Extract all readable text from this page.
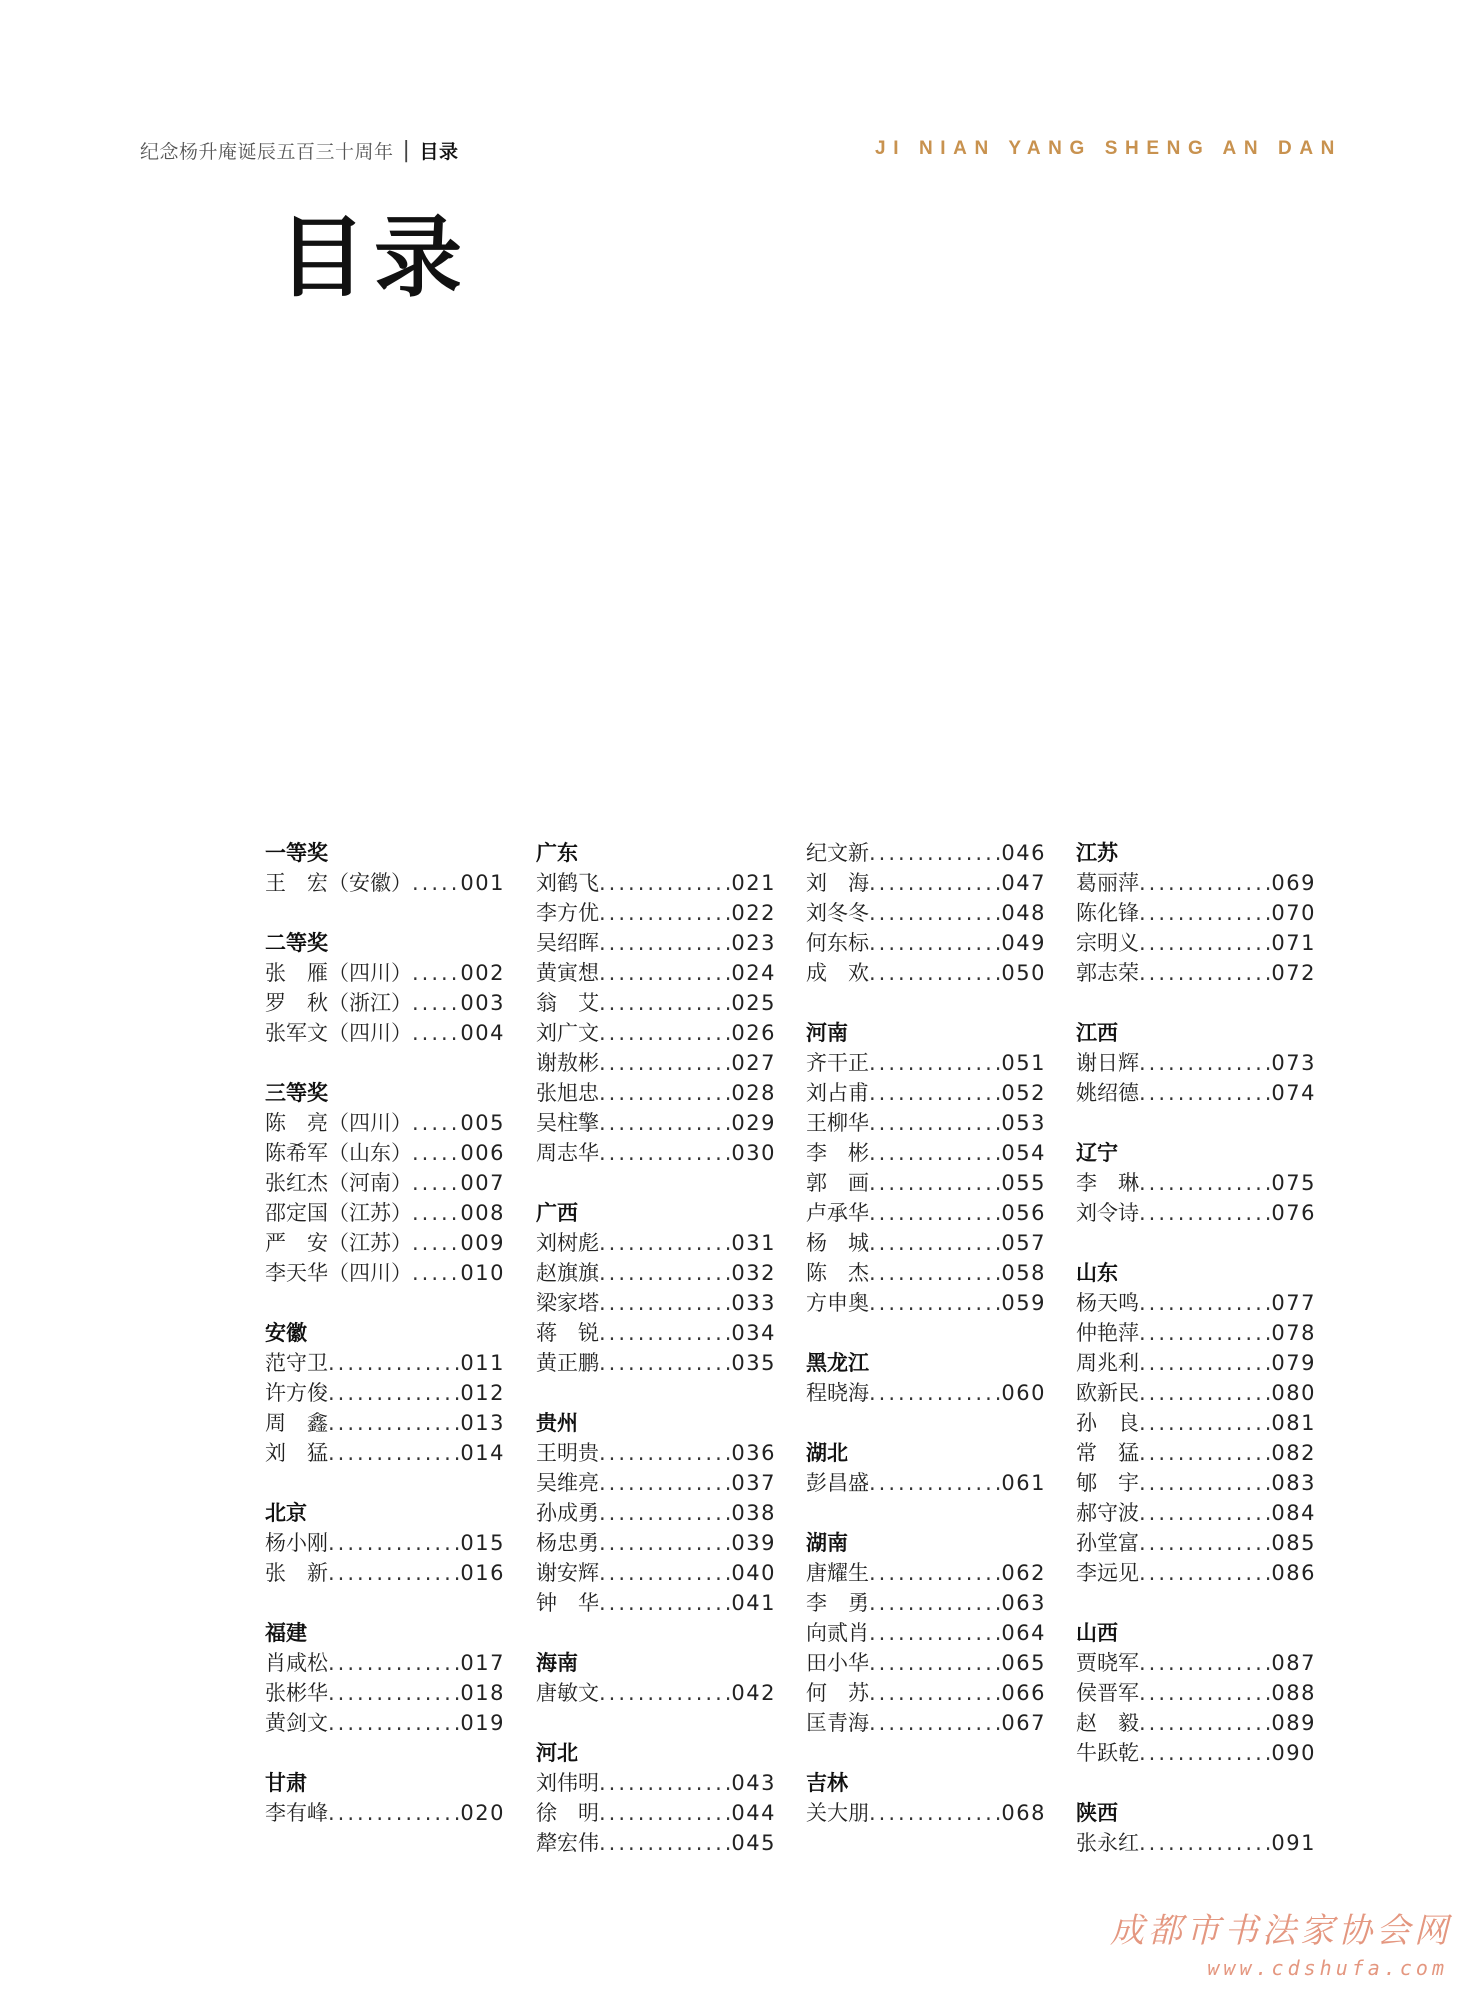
纪念杨升庵诞辰五百三十周年 | 目录	JI NIAN YANG SHENG AN DAN
目录
一等奖
王　宏（安徽） ..... 001
二等奖
张　雁（四川） ..... 002
罗　秋（浙江） ..... 003
张军文（四川） ..... 004
三等奖
陈　亮（四川） ..... 005
陈希军（山东） ..... 006
张红杰（河南） ..... 007
邵定国（江苏） ..... 008
严　安（江苏） ..... 009
李天华（四川） ..... 010
安徽
范守卫 .....	011
许方俊 .....	012
周　鑫 .....	013
刘　猛 .....	014
北京
杨小刚 .....	015
张　新 .....	016
福建
肖咸松 .....	017
张彬华 .....	018
黄剑文 .....	019
甘肃
李有峰 .....	020
广东
刘鹤飞 .....	021
李方优 .....	022
吴绍晖 .....	023
黄寅想 .....	024
翁　艾 .....	025
刘广文 .....	026
谢敖彬 .....	027
张旭忠 .....	028
吴柱擎 .....	029
周志华 .....	030
广西
刘树彪 .....	031
赵旗旗 .....	032
梁家塔 .....	033
蒋　锐 .....	034
黄正鹏 .....	035
贵州
王明贵 .....	036
吴维亮 .....	037
孙成勇 .....	038
杨忠勇 .....	039
谢安辉 .....	040
钟　华 .....	041
海南
唐敏文 .....	042
河北
刘伟明 .....	043
徐　明 .....	044
犛宏伟 .....	045
纪文新 .....	046
刘　海 .....	047
刘冬冬 .....	048
何东标 .....	049
成　欢 .....	050
河南
齐干正 .....	051
刘占甫 .....	052
王柳华 .....	053
李　彬 .....	054
郭　画 .....	055
卢承华 .....	056
杨　城 .....	057
陈　杰 .....	058
方申奥 .....	059
黑龙江
程晓海 .....	060
湖北
彭昌盛 .....	061
湖南
唐耀生 .....	062
李　勇 .....	063
向贰肖 .....	064
田小华 .....	065
何　苏 .....	066
匡青海 .....	067
吉林
关大朋 .....	068
江苏
葛丽萍 .....	069
陈化锋 .....	070
宗明义 .....	071
郭志荣 .....	072
江西
谢日辉 .....	073
姚绍德 .....	074
辽宁
李　琳 .....	075
刘令诗 .....	076
山东
杨天鸣 .....	077
仲艳萍 .....	078
周兆利 .....	079
欧新民 .....	080
孙　良 .....	081
常　猛 .....	082
郇　宇 .....	083
郝守波 .....	084
孙堂富 .....	085
李远见 .....	086
山西
贾晓军 .....	087
侯晋军 .....	088
赵　毅 .....	089
牛跃乾 .....	090
陕西
张永红 .....	091
成都市书法家协会网
www.cdshufa.com
